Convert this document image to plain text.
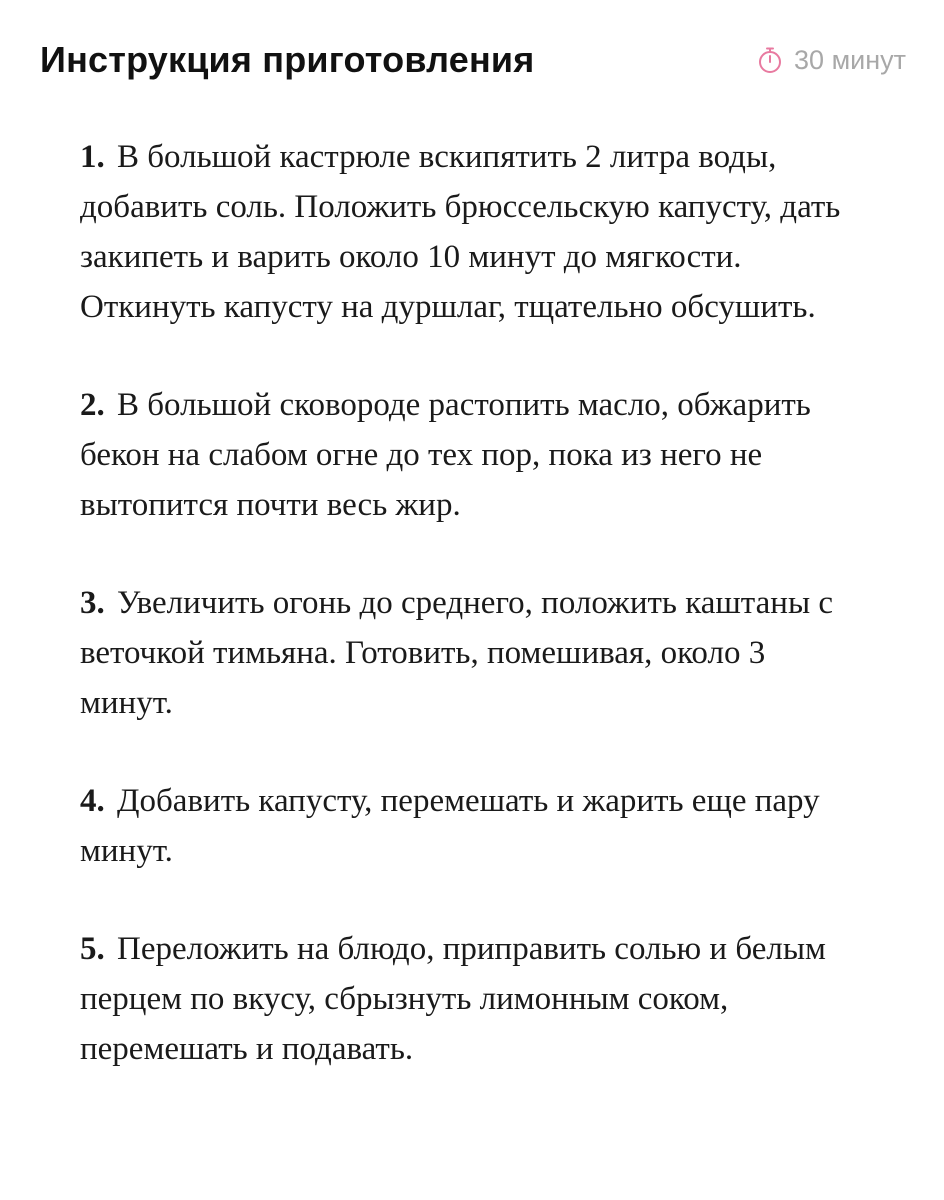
Инструкция приготовления	30 минут
1. В большой кастрюле вскипятить 2 литра воды, добавить соль. Положить брюссельскую капусту, дать закипеть и варить около 10 минут до мягкости. Откинуть капусту на дуршлаг, тщательно обсушить.
2. В большой сковороде растопить масло, обжарить бекон на слабом огне до тех пор, пока из него не вытопится почти весь жир.
3. Увеличить огонь до среднего, положить каштаны с веточкой тимьяна. Готовить, помешивая, около 3 минут.
4. Добавить капусту, перемешать и жарить еще пару минут.
5. Переложить на блюдо, приправить солью и белым перцем по вкусу, сбрызнуть лимонным соком, перемешать и подавать.
